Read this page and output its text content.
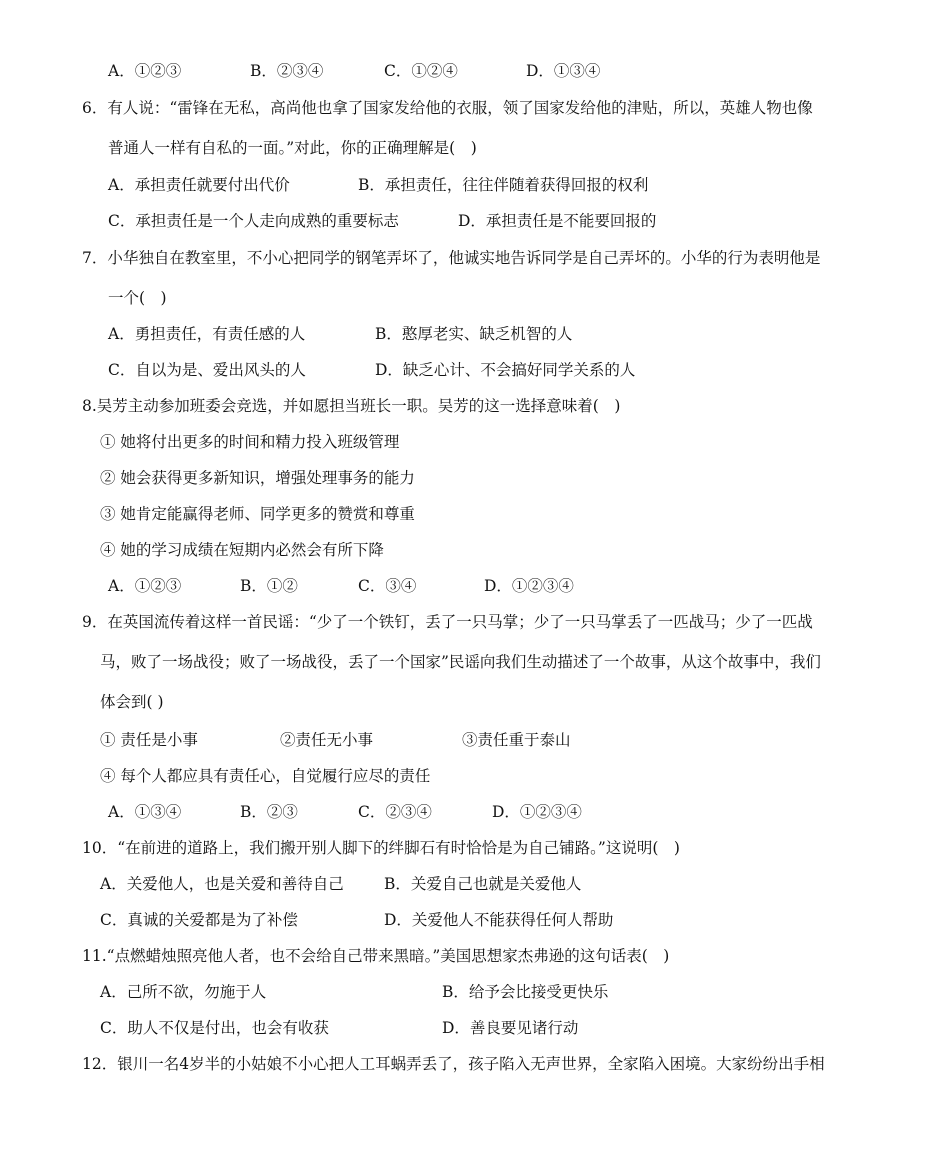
A．①②③	B．②③④	C．①②④	D．①③④
6．有人说：“雷锋在无私，高尚他也拿了国家发给他的衣服，领了国家发给他的津贴，所以，英雄人物也像
普通人一样有自私的一面。”对此，你的正确理解是(　)
A．承担责任就要付出代价	B．承担责任，往往伴随着获得回报的权利
C．承担责任是一个人走向成熟的重要标志	D．承担责任是不能要回报的
7．小华独自在教室里，不小心把同学的钢笔弄坏了，他诚实地告诉同学是自己弄坏的。小华的行为表明他是
一个(　)
A．勇担责任，有责任感的人	B．憨厚老实、缺乏机智的人
C．自以为是、爱出风头的人	D．缺乏心计、不会搞好同学关系的人
8.吴芳主动参加班委会竞选，并如愿担当班长一职。吴芳的这一选择意味着(　)
① 她将付出更多的时间和精力投入班级管理
② 她会获得更多新知识，增强处理事务的能力
③ 她肯定能赢得老师、同学更多的赞赏和尊重
④ 她的学习成绩在短期内必然会有所下降
A．①②③	B．①②	C．③④	D．①②③④
9．在英国流传着这样一首民谣：“少了一个铁钉，丢了一只马掌；少了一只马掌丢了一匹战马；少了一匹战
马，败了一场战役；败了一场战役，丢了一个国家”民谣向我们生动描述了一个故事，从这个故事中，我们
体会到( )
① 责任是小事	②责任无小事	③责任重于泰山
④ 每个人都应具有责任心，自觉履行应尽的责任
A．①③④	B．②③	C．②③④	D．①②③④
10．“在前进的道路上，我们搬开别人脚下的绊脚石有时恰恰是为自己铺路。”这说明(　)
A．关爱他人，也是关爱和善待自己	B．关爱自己也就是关爱他人
C．真诚的关爱都是为了补偿	D．关爱他人不能获得任何人帮助
11.“点燃蜡烛照亮他人者，也不会给自己带来黑暗。”美国思想家杰弗逊的这句话表(　)
A．己所不欲，勿施于人	B．给予会比接受更快乐
C．助人不仅是付出，也会有收获	D．善良要见诸行动
12．银川一名4岁半的小姑娘不小心把人工耳蜗弄丢了，孩子陷入无声世界，全家陷入困境。大家纷纷出手相
